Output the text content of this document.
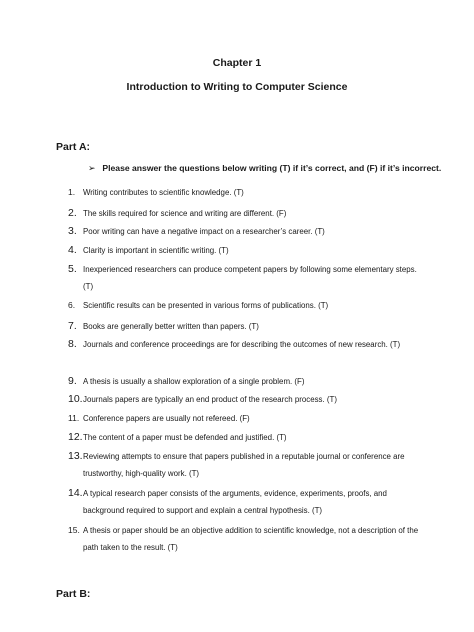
Chapter 1
Introduction to Writing to Computer Science
Part A:
➢ Please answer the questions below writing (T) if it’s correct, and (F) if it’s incorrect.
1.	Writing contributes to scientific knowledge. (T)
2. The skills required for science and writing are different. (F)
3. Poor writing can have a negative impact on a researcher’s career. (T)
4. Clarity is important in scientific writing. (T)
5. Inexperienced researchers can produce competent papers by following some elementary steps. (T)
6.	Scientific results can be presented in various forms of publications. (T)
7. Books are generally better written than papers. (T)
8. Journals and conference proceedings are for describing the outcomes of new research. (T)
9. A thesis is usually a shallow exploration of a single problem. (F)
10. Journals papers are typically an end product of the research process. (T)
11. Conference papers are usually not refereed. (F)
12. The content of a paper must be defended and justified. (T)
13. Reviewing attempts to ensure that papers published in a reputable journal or conference are trustworthy, high-quality work. (T)
14. A typical research paper consists of the arguments, evidence, experiments, proofs, and background required to support and explain a central hypothesis. (T)
15. A thesis or paper should be an objective addition to scientific knowledge, not a description of the path taken to the result. (T)
Part B:
